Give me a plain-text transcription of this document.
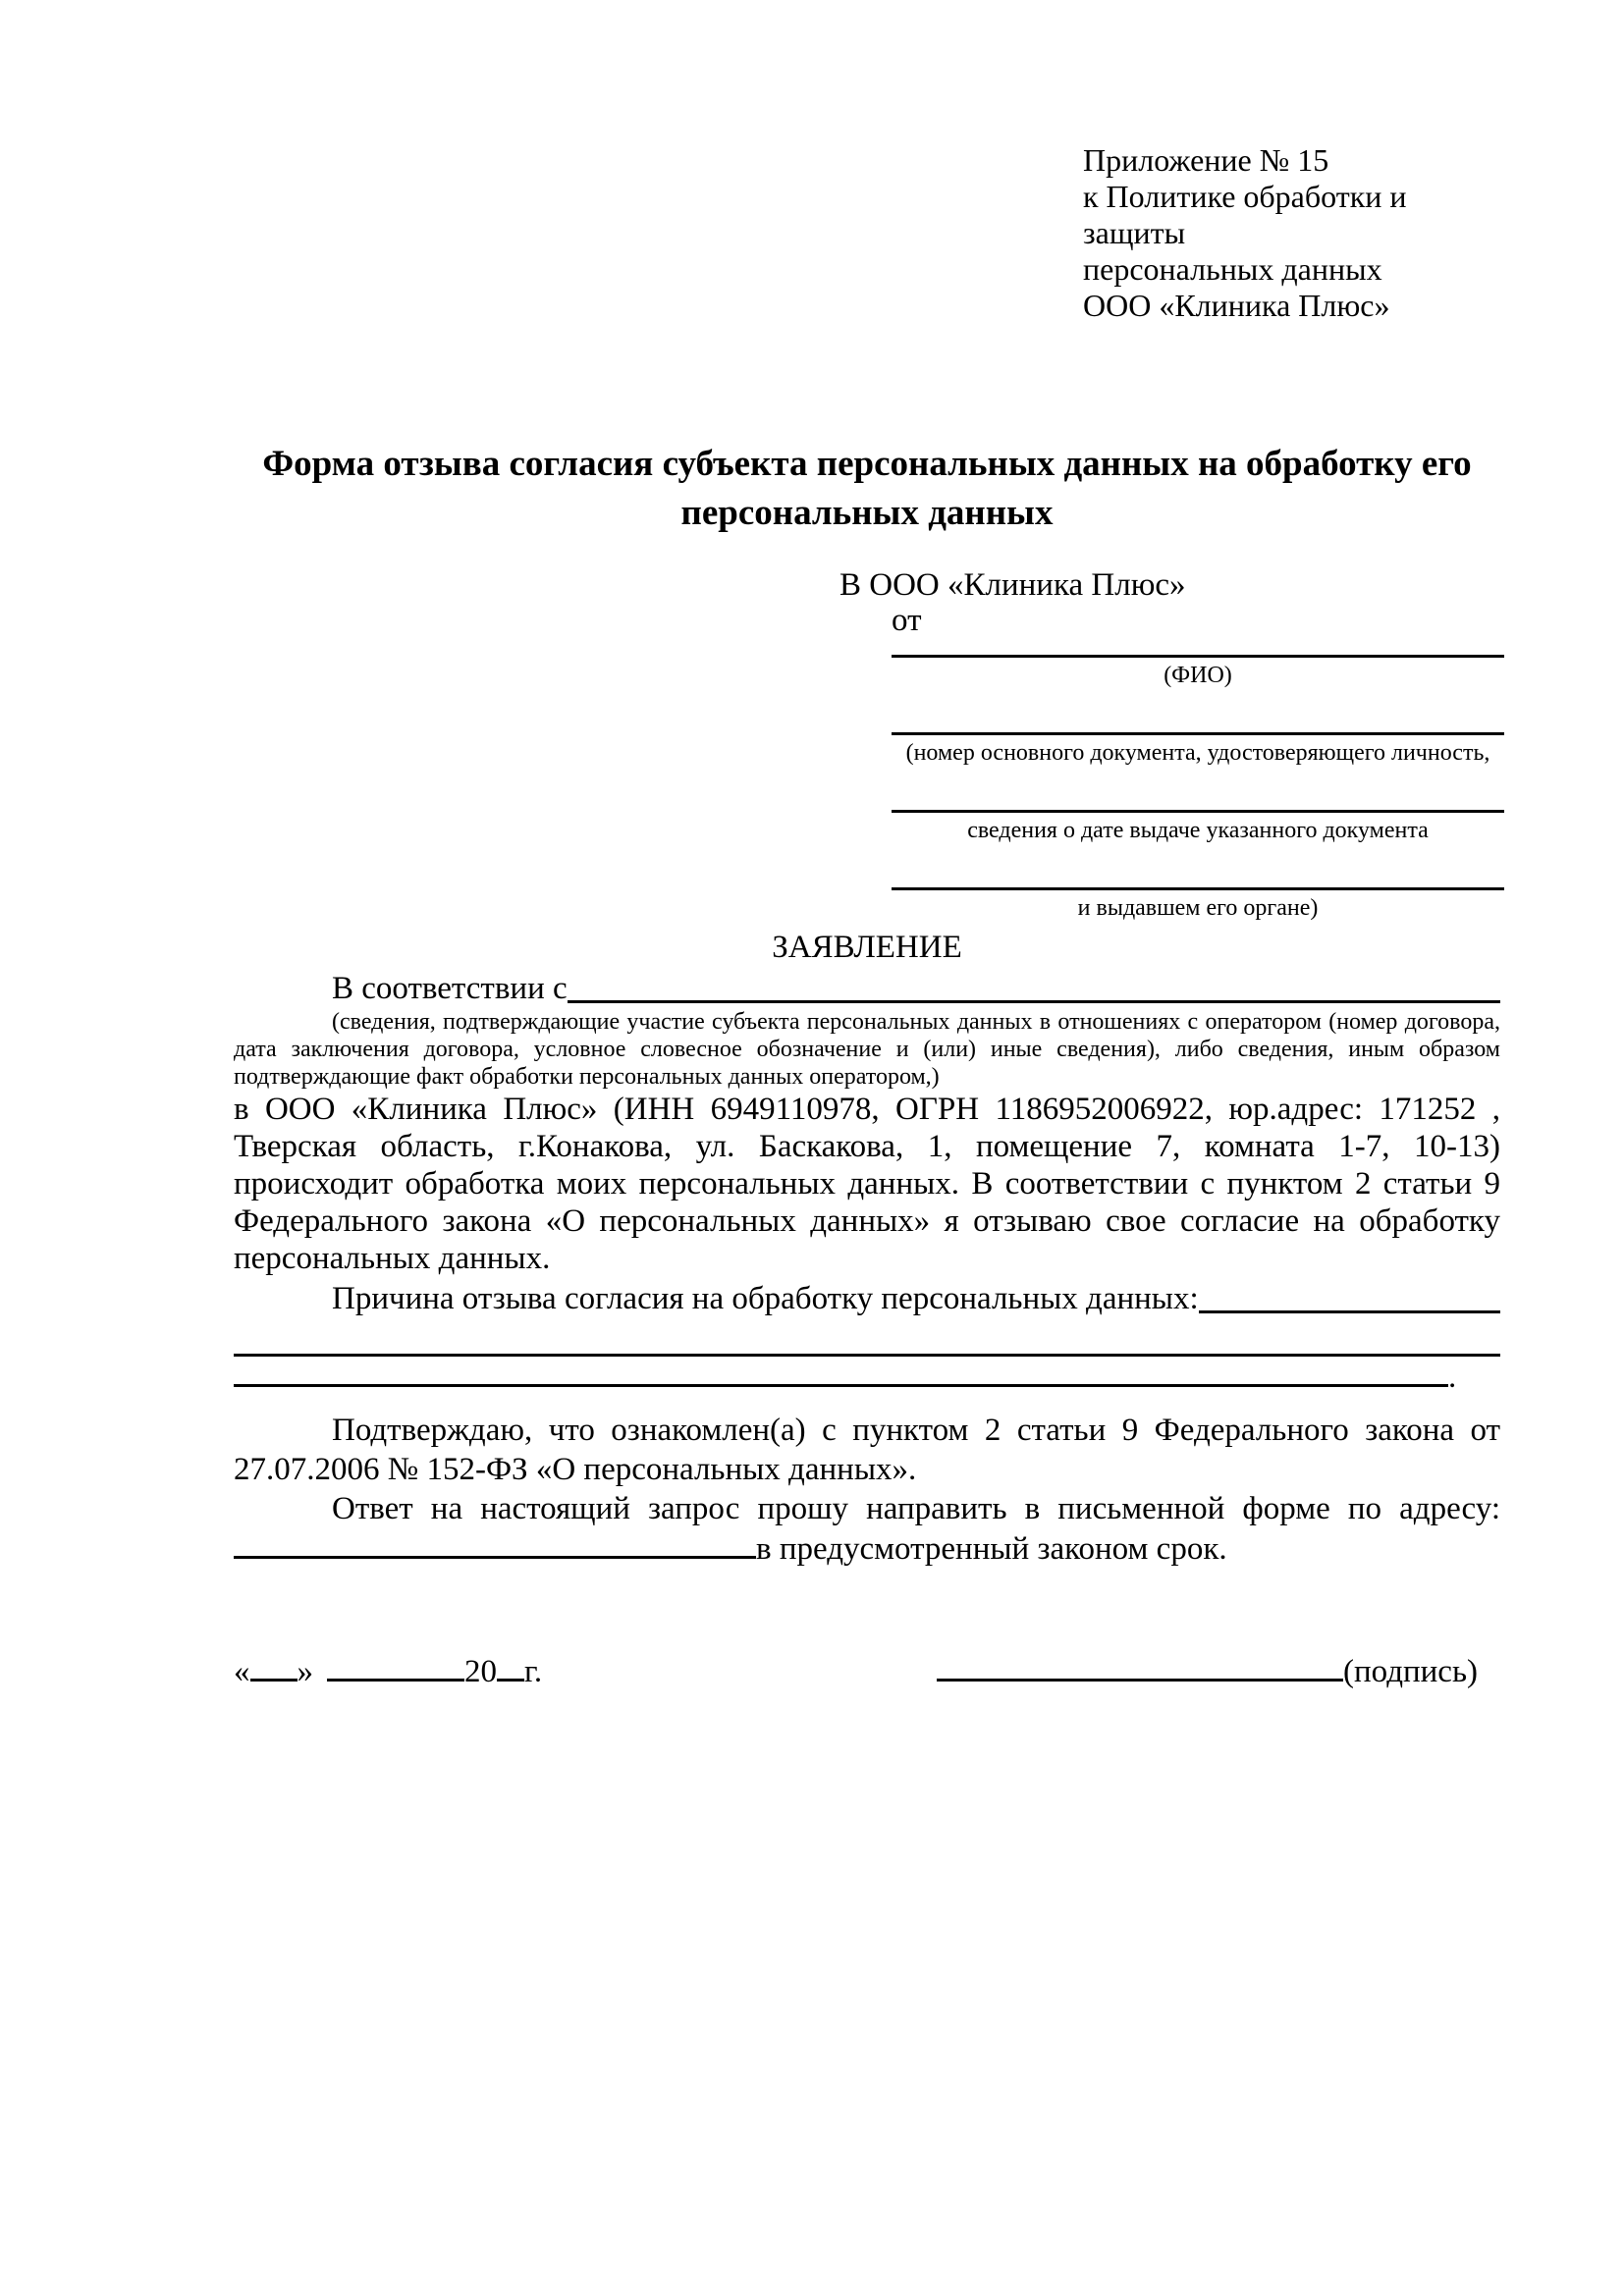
Приложение № 15
к Политике обработки и защиты
персональных данных
ООО «Клиника Плюс»
Форма отзыва согласия субъекта персональных данных на обработку его персональных данных
В ООО «Клиника Плюс»
от
(ФИО)
(номер основного документа, удостоверяющего личность,
сведения о дате выдаче указанного документа
и выдавшем его органе)
ЗАЯВЛЕНИЕ
В соответствии с
(сведения, подтверждающие участие субъекта персональных данных в отношениях с оператором (номер договора, дата заключения договора, условное словесное обозначение и (или) иные сведения), либо сведения, иным образом подтверждающие факт обработки персональных данных оператором,)
в ООО «Клиника Плюс» (ИНН 6949110978, ОГРН 1186952006922, юр.адрес: 171252 , Тверская область, г.Конакова, ул. Баскакова, 1, помещение 7, комната 1-7, 10-13) происходит обработка моих персональных данных. В соответствии с пунктом 2 статьи 9 Федерального закона «О персональных данных» я отзываю свое согласие на обработку персональных данных.
Причина отзыва согласия на обработку персональных данных:
.
Подтверждаю, что ознакомлен(а) с пунктом 2 статьи 9 Федерального закона от 27.07.2006 № 152-ФЗ «О персональных данных».
Ответ на настоящий запрос прошу направить в письменной форме по адресу:
в предусмотренный законом срок.
« »	20 г.	(подпись)
